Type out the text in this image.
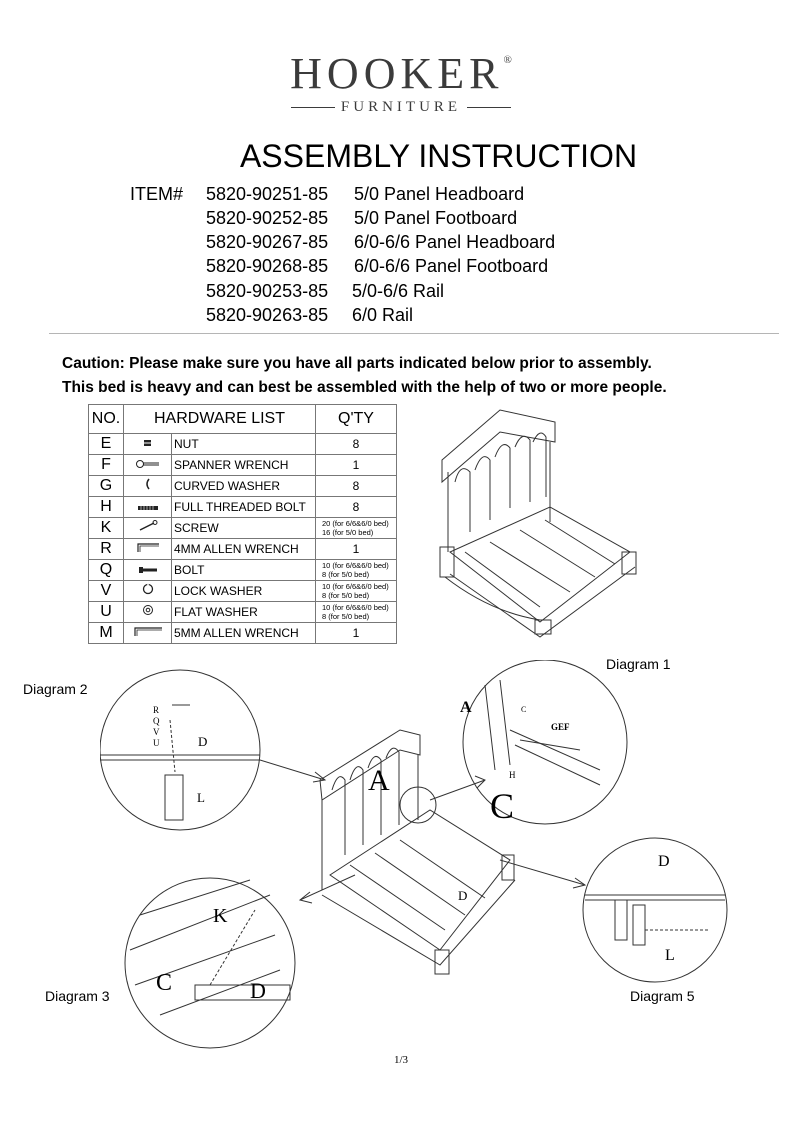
HOOKER®
FURNITURE
ASSEMBLY INSTRUCTION
ITEM# 5820-90251-85 5/0 Panel Headboard
5820-90252-85 5/0 Panel Footboard
5820-90267-85 6/0-6/6 Panel Headboard
5820-90268-85 6/0-6/6 Panel Footboard
5820-90253-85 5/0-6/6 Rail
5820-90263-85 6/0 Rail
Caution: Please make sure you have all parts indicated below prior to assembly.
This bed is heavy and can best be assembled with the help of two or more people.
NO.	HARDWARE LIST		Q'TY
E		NUT	8
F		SPANNER WRENCH	1
G		CURVED WASHER	8
H		FULL THREADED BOLT	8
K		SCREW	20 (for 6/6&6/0 bed)
16 (for 5/0 bed)

R		4MM ALLEN WRENCH	1
Q		BOLT	10 (for 6/6&6/0 bed)
8 (for 5/0 bed)

V		LOCK WASHER	10 (for 6/6&6/0 bed)
8 (for 5/0 bed)

U		FLAT WASHER	10 (for 6/6&6/0 bed)
8 (for 5/0 bed)

M		5MM ALLEN WRENCH	1
Diagram 1
Diagram 2
Diagram 3	Diagram 5
R
Q
V
U	D
L
A	C
GEF
H
A
C
D
K
C	D
D
L
1/3
